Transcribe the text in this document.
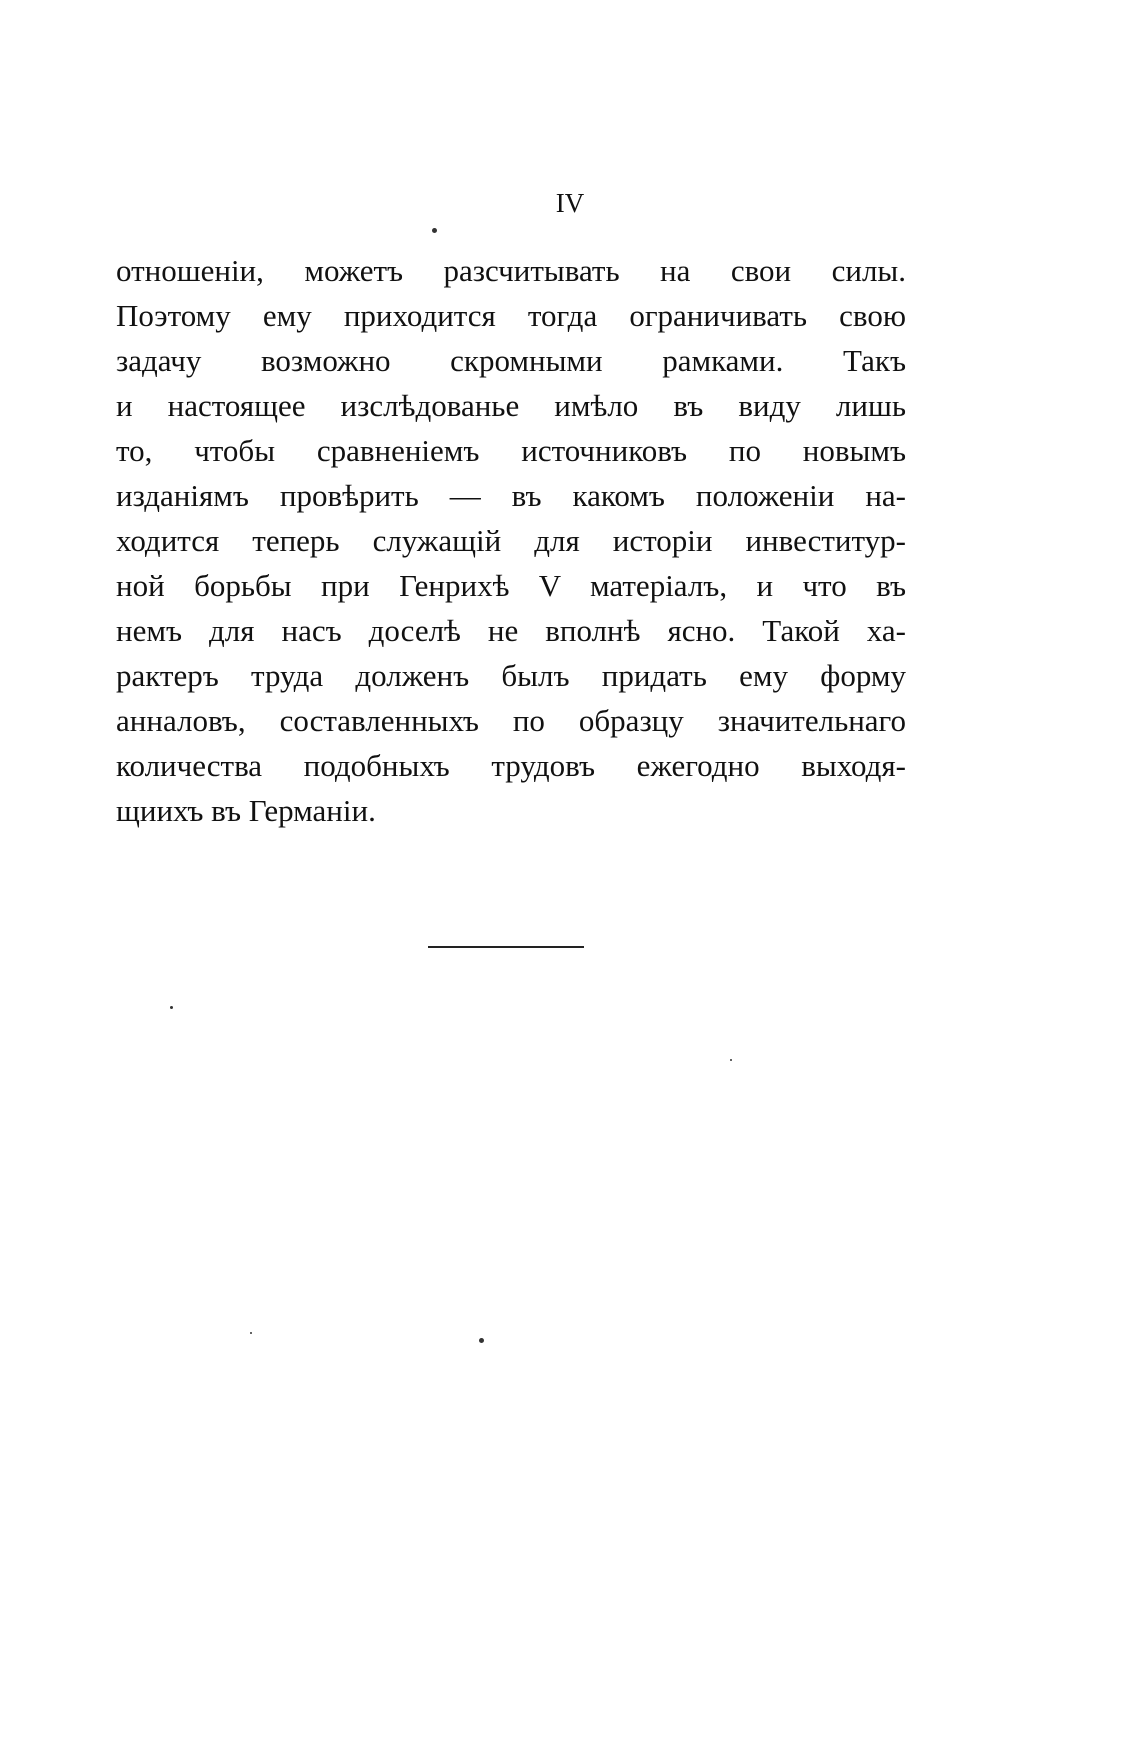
IV
отношеніи, можетъ разсчитывать на свои силы.
Поэтому ему приходится тогда ограничивать свою
задачу возможно скромными рамками. Такъ
и настоящее изслѣдованье имѣло въ виду лишь
то, чтобы сравненіемъ источниковъ по новымъ
изданіямъ провѣрить — въ какомъ положеніи на-
ходится теперь служащій для исторіи инвеститур-
ной борьбы при Генрихѣ V матеріалъ, и что въ
немъ для насъ доселѣ не вполнѣ ясно. Такой ха-
рактеръ труда долженъ былъ придать ему форму
анналовъ, составленныхъ по образцу значительнаго
количества подобныхъ трудовъ ежегодно выходя-
щиихъ въ Германіи.
